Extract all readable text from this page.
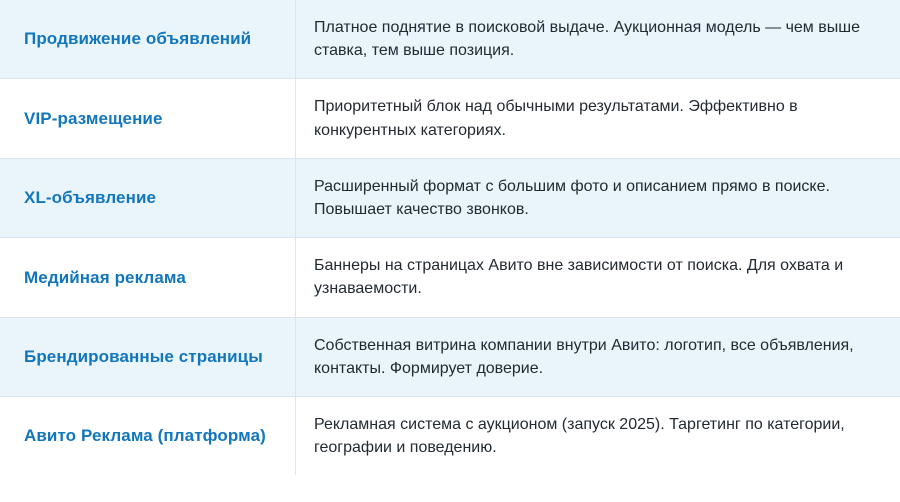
Продвижение объявлений
Платное поднятие в поисковой выдаче. Аукционная модель — чем выше ставка, тем выше позиция.
VIP-размещение
Приоритетный блок над обычными результатами. Эффективно в конкурентных категориях.
XL-объявление
Расширенный формат с большим фото и описанием прямо в поиске. Повышает качество звонков.
Медийная реклама
Баннеры на страницах Авито вне зависимости от поиска. Для охвата и узнаваемости.
Брендированные страницы
Собственная витрина компании внутри Авито: логотип, все объявления, контакты. Формирует доверие.
Авито Реклама (платформа)
Рекламная система с аукционом (запуск 2025). Таргетинг по категории, географии и поведению.
